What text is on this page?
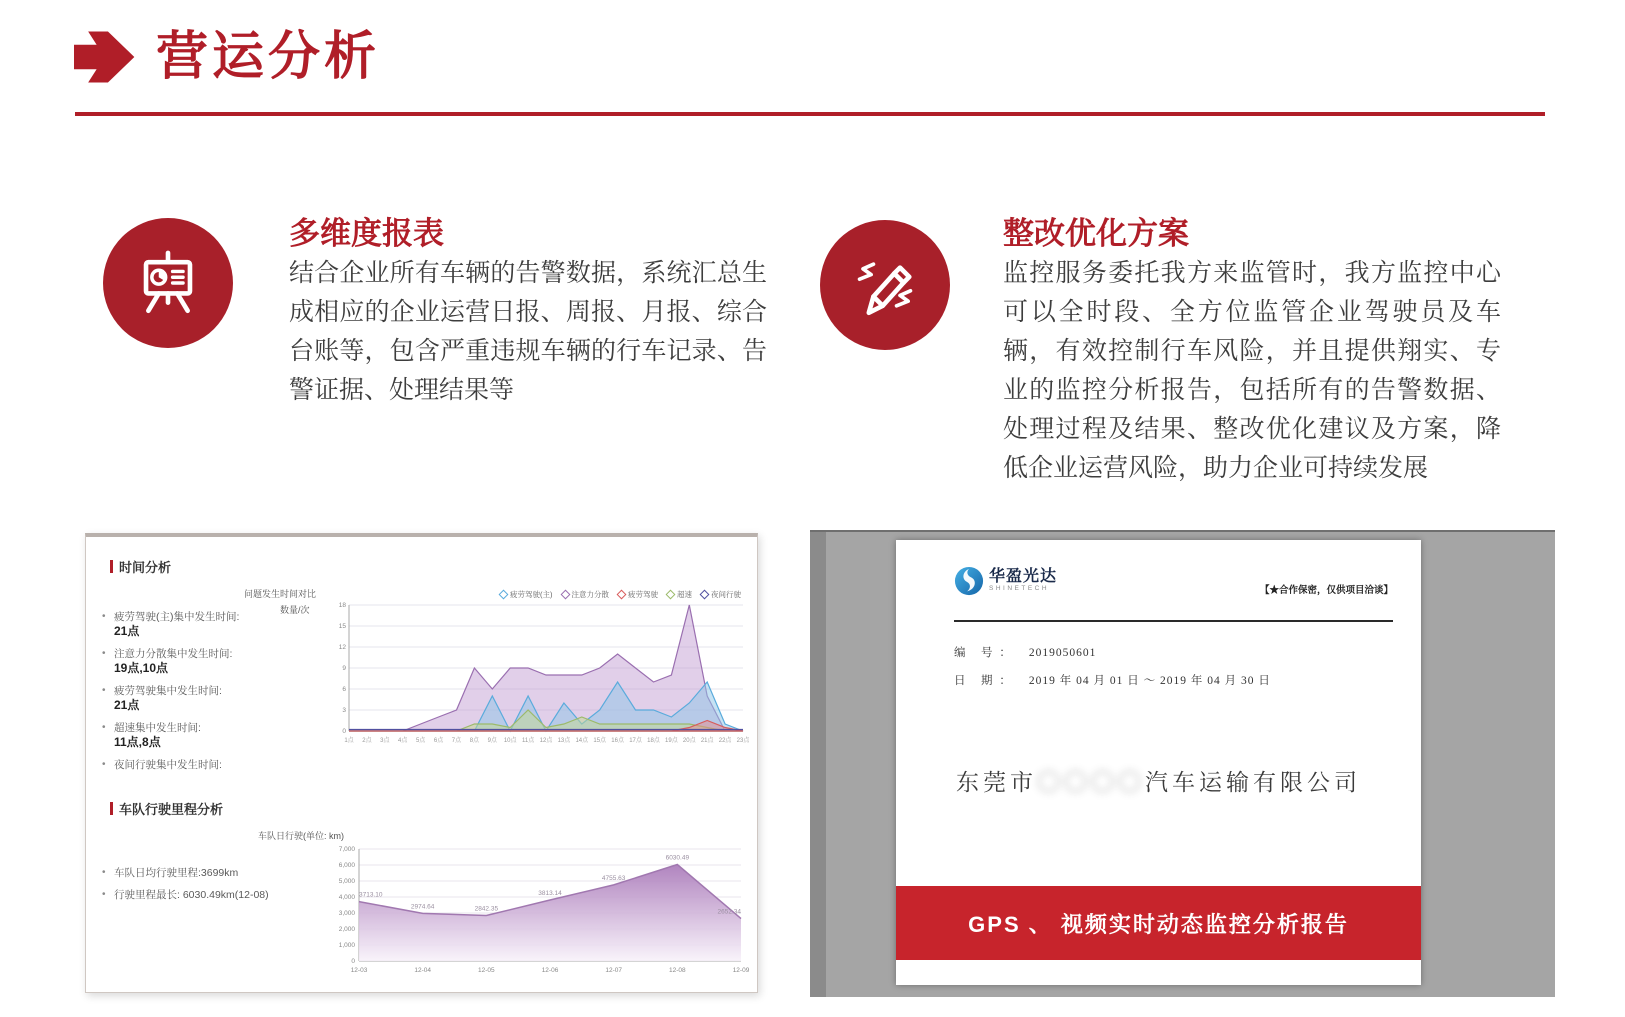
营运分析
多维度报表

结合企业所有车辆的告警数据，系统汇总生成相应的企业运营日报、周报、月报、综合台账等，包含严重违规车辆的行车记录、告警证据、处理结果等

整改优化方案

监控服务委托我方来监管时，我方监控中心可以全时段、全方位监管企业驾驶员及车辆，有效控制行车风险，并且提供翔实、专业的监控分析报告，包括所有的告警数据、处理过程及结果、整改优化建议及方案，降低企业运营风险，助力企业可持续发展

时间分析
• 疲劳驾驶(主)集中发生时间:
21点
• 注意力分散集中发生时间:
19点,10点
• 疲劳驾驶集中发生时间:
21点
• 超速集中发生时间:
11点,8点
• 夜间行驶集中发生时间:
问题发生时间对比
数量/次
疲劳驾驶(主)	注意力分散	疲劳驾驶	超速	夜间行驶
0
3
6
9
12
15
18
1点 2点 3点 4点 5点 6点 7点 8点 9点 10点 11点 12点 13点 14点 15点 16点 17点 18点 19点 20点 21点 22点 23点
车队行驶里程分析
• 车队日均行驶里程:3699km
• 行驶里程最长: 6030.49km(12-08)
车队日行驶(单位: km)
0
1,000
2,000
3,000
4,000
5,000
6,000
7,000
3713.10
2974.64	2842.35
3813.14
4755.63
6030.49
2652.34
12-03	12-04	12-05	12-06	12-07	12-08	12-09
华盈光达
SHINETECH	【★合作保密，仅供项目洽谈】
编　号 ： 2019050601
日　期 ： 2019 年 04 月 01 日 ～ 2019 年 04 月 30 日
东莞市〇〇〇〇汽车运输有限公司
GPS 、 视频实时动态监控分析报告
